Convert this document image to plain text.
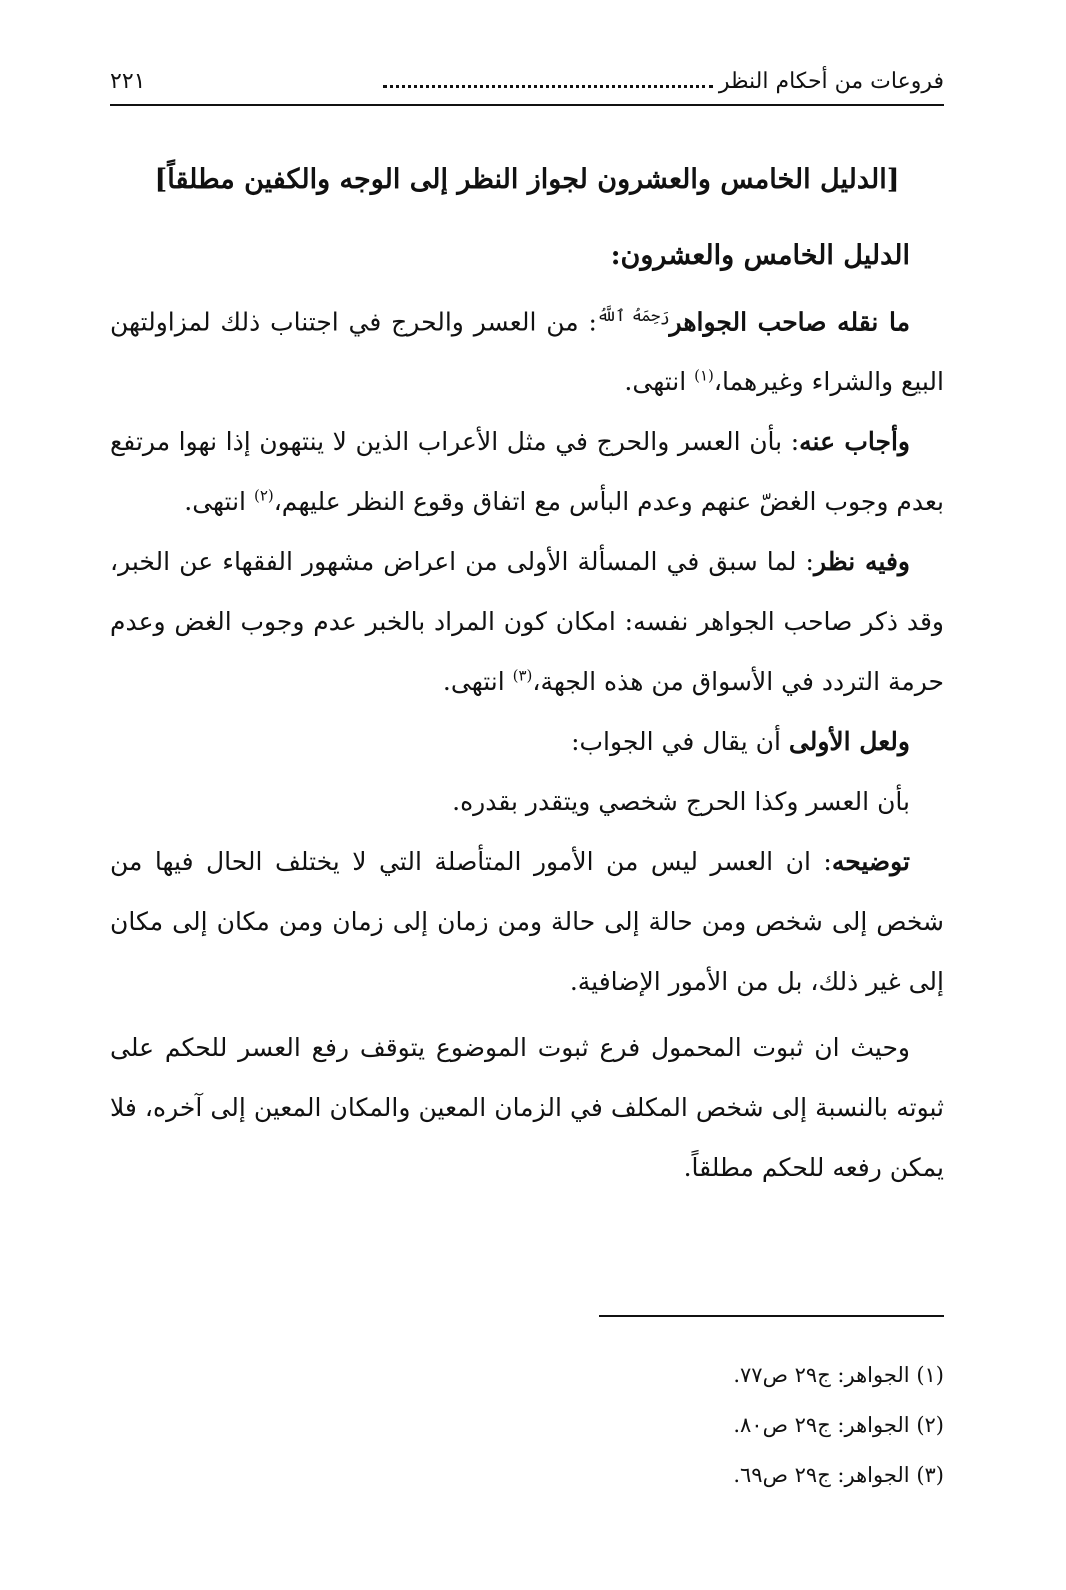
فروعات من أحكام النظر
٢٢١
[الدليل الخامس والعشرون لجواز النظر إلى الوجه والكفين مطلقاً]
الدليل الخامس والعشرون:

ما نقله صاحب الجواهر$^{رَحِمَهُ ٱللَّهُ}$: من العسر والحرج في اجتناب ذلك لمزاولتهن البيع والشراء وغيرهما،$^{(١)}$ انتهى.

وأجاب عنه: بأن العسر والحرج في مثل الأعراب الذين لا ينتهون إذا نهوا مرتفع بعدم وجوب الغضّ عنهم وعدم البأس مع اتفاق وقوع النظر عليهم،$^{(٢)}$ انتهى.

وفيه نظر: لما سبق في المسألة الأولى من اعراض مشهور الفقهاء عن الخبر، وقد ذكر صاحب الجواهر نفسه: امكان كون المراد بالخبر عدم وجوب الغض وعدم حرمة التردد في الأسواق من هذه الجهة،$^{(٣)}$ انتهى.

ولعل الأولى أن يقال في الجواب:

بأن العسر وكذا الحرج شخصي ويتقدر بقدره.

توضيحه: ان العسر ليس من الأمور المتأصلة التي لا يختلف الحال فيها من شخص إلى شخص ومن حالة إلى حالة ومن زمان إلى زمان ومن مكان إلى مكان إلى غير ذلك، بل من الأمور الإضافية.

وحيث ان ثبوت المحمول فرع ثبوت الموضوع يتوقف رفع العسر للحكم على ثبوته بالنسبة إلى شخص المكلف في الزمان المعين والمكان المعين إلى آخره، فلا يمكن رفعه للحكم مطلقاً.

(١) الجواهر: ج٢٩ ص٧٧.
(٢) الجواهر: ج٢٩ ص٨٠.
(٣) الجواهر: ج٢٩ ص٦٩.
